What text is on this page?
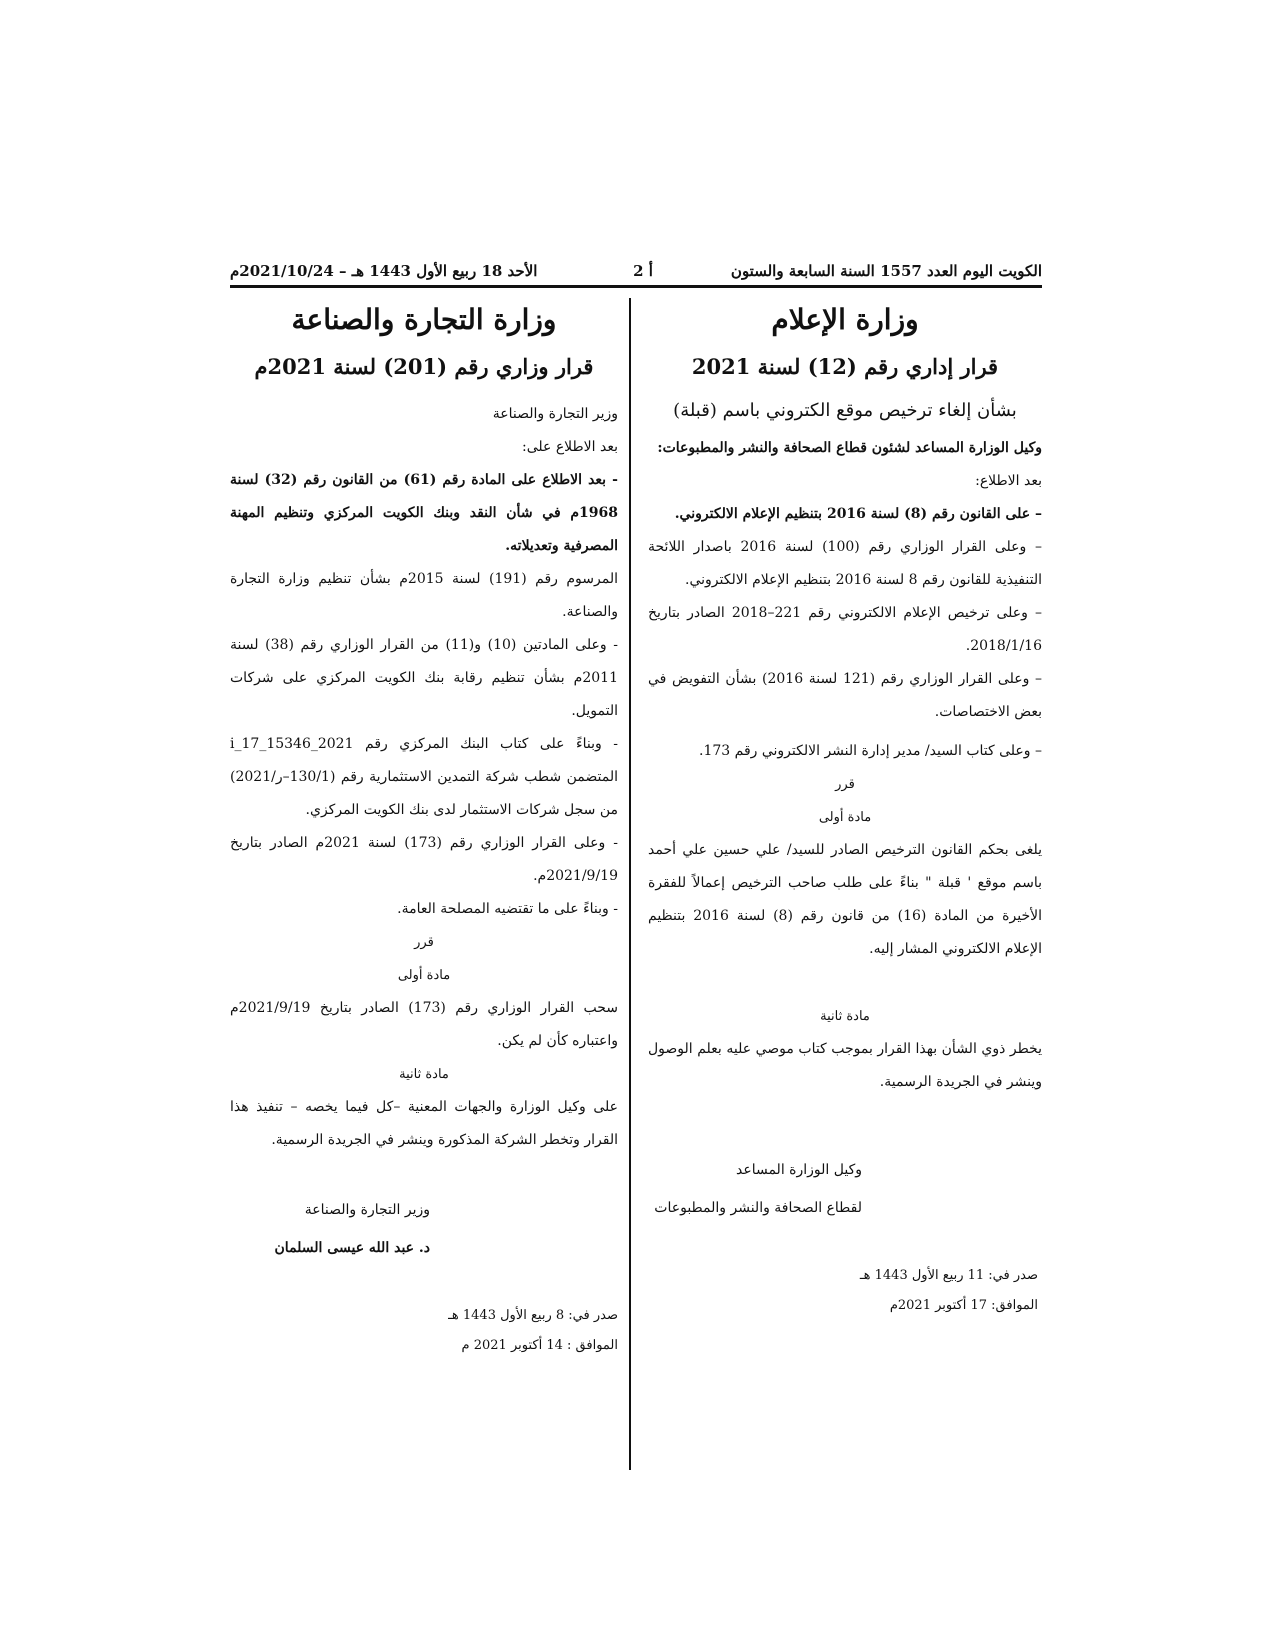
الكويت اليوم العدد 1557 السنة السابعة والستون
أ 2
الأحد 18 ربيع الأول 1443 هـ – 2021/10/24م
وزارة الإعلام
قرار إداري رقم (12) لسنة 2021
بشأن إلغاء ترخيص موقع الكتروني باسم (قبلة)

وكيل الوزارة المساعد لشئون قطاع الصحافة والنشر والمطبوعات:

بعد الاطلاع:

– على القانون رقم (8) لسنة 2016 بتنظيم الإعلام الالكتروني.

– وعلى القرار الوزاري رقم (100) لسنة 2016 باصدار اللائحة التنفيذية للقانون رقم 8 لسنة 2016 بتنظيم الإعلام الالكتروني.

– وعلى ترخيص الإعلام الالكتروني رقم 221–2018 الصادر بتاريخ 2018/1/16.

– وعلى القرار الوزاري رقم (121 لسنة 2016) بشأن التفويض في بعض الاختصاصات.

– وعلى كتاب السيد/ مدير إدارة النشر الالكتروني رقم 173.

قرر

مادة أولى

يلغى بحكم القانون الترخيص الصادر للسيد/ علي حسين علي أحمد باسم موقع ' قبلة " بناءً على طلب صاحب الترخيص إعمالاً للفقرة الأخيرة من المادة (16) من قانون رقم (8) لسنة 2016 بتنظيم الإعلام الالكتروني المشار إليه.

مادة ثانية

يخطر ذوي الشأن بهذا القرار بموجب كتاب موصي عليه بعلم الوصول وينشر في الجريدة الرسمية.

وكيل الوزارة المساعد

لقطاع الصحافة والنشر والمطبوعات

صدر في: 11 ربيع الأول 1443 هـ

الموافق: 17 أكتوبر 2021م

وزارة التجارة والصناعة
قرار وزاري رقم (201) لسنة 2021م

وزير التجارة والصناعة

بعد الاطلاع على:

- بعد الاطلاع على المادة رقم (61) من القانون رقم (32) لسنة 1968م في شأن النقد وبنك الكويت المركزي وتنظيم المهنة المصرفية وتعديلاته.

المرسوم رقم (191) لسنة 2015م بشأن تنظيم وزارة التجارة والصناعة.

- وعلى المادتين (10) و(11) من القرار الوزاري رقم (38) لسنة 2011م بشأن تنظيم رقابة بنك الكويت المركزي على شركات التمويل.

- وبناءً على كتاب البنك المركزي رقم 2021_15346_17_i المتضمن شطب شركة التمدين الاستثمارية رقم (130/1–ر/2021) من سجل شركات الاستثمار لدى بنك الكويت المركزي.

- وعلى القرار الوزاري رقم (173) لسنة 2021م الصادر بتاريخ 2021/9/19م.

- وبناءً على ما تقتضيه المصلحة العامة.

قرر

مادة أولى

سحب القرار الوزاري رقم (173) الصادر بتاريخ 2021/9/19م واعتباره كأن لم يكن.

مادة ثانية

على وكيل الوزارة والجهات المعنية –كل فيما يخصه – تنفيذ هذا القرار وتخطر الشركة المذكورة وينشر في الجريدة الرسمية.

وزير التجارة والصناعة

د. عبد الله عيسى السلمان

صدر في: 8 ربيع الأول 1443 هـ

الموافق : 14 أكتوبر 2021 م
